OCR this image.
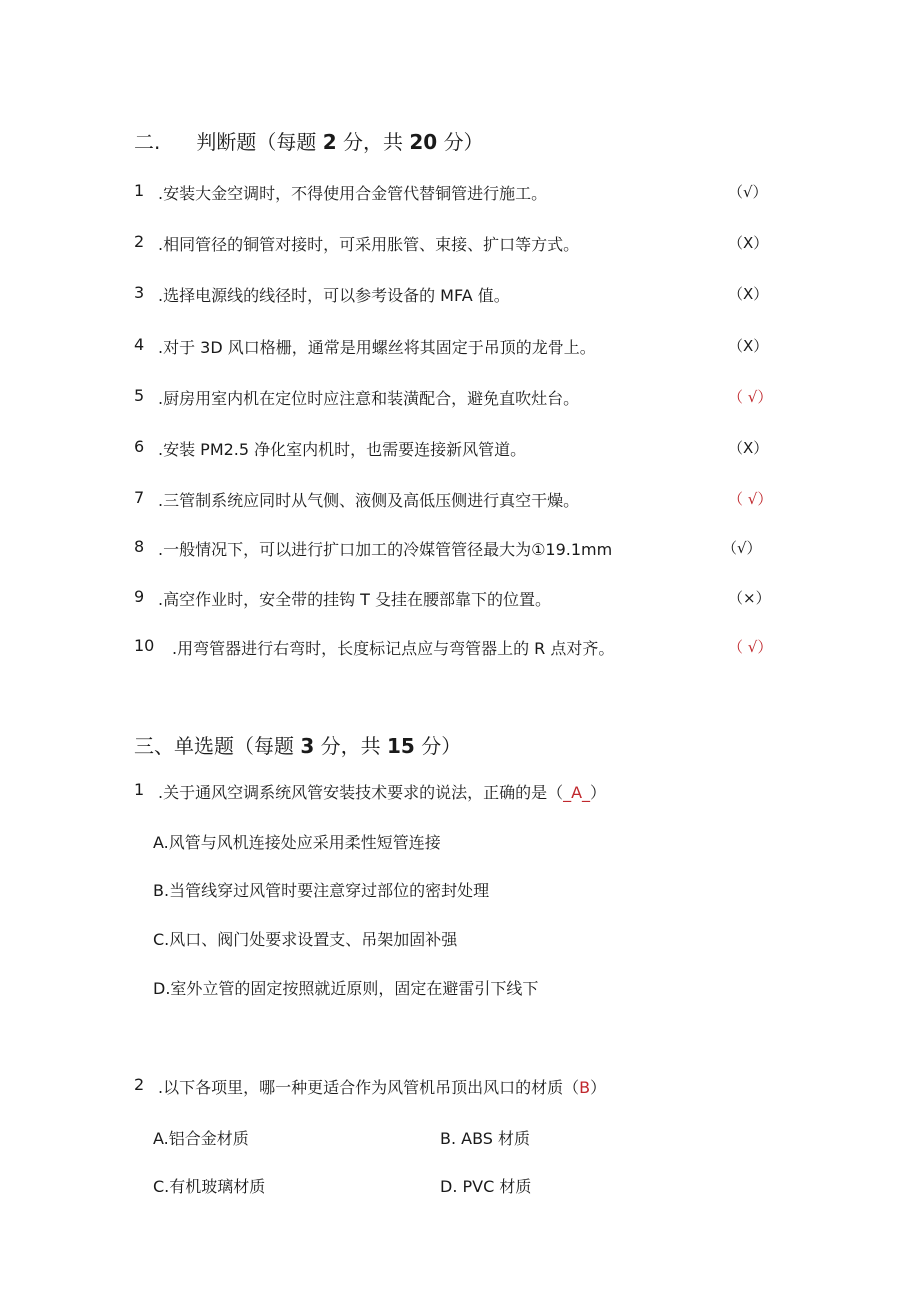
二. 判断题（每题 2 分，共 20 分）
1 .安装大金空调时，不得使用合金管代替铜管进行施工。	（√）
2 .相同管径的铜管对接时，可采用胀管、束接、扩口等方式。	（X）
3 .选择电源线的线径时，可以参考设备的 MFA 值。	（X）
4 .对于 3D 风口格栅，通常是用螺丝将其固定于吊顶的龙骨上。	（X）
5 .厨房用室内机在定位时应注意和装潢配合，避免直吹灶台。	（ √）
6 .安装 PM2.5 净化室内机时，也需要连接新风管道。	（X）
7 .三管制系统应同时从气侧、液侧及高低压侧进行真空干燥。	（ √）
8 .一般情况下，可以进行扩口加工的冷媒管管径最大为①19.1mm	（√）
9 .高空作业时，安全带的挂钩 T 殳挂在腰部靠下的位置。	（×）
10 .用弯管器进行右弯时，长度标记点应与弯管器上的 R 点对齐。	（ √）
三、单选题（每题 3 分，共 15 分）
1 .关于通风空调系统风管安装技术要求的说法，正确的是（_A_）
A.风管与风机连接处应采用柔性短管连接
B.当管线穿过风管时要注意穿过部位的密封处理
C.风口、阀门处要求设置支、吊架加固补强
D.室外立管的固定按照就近原则，固定在避雷引下线下
2 .以下各项里，哪一种更适合作为风管机吊顶出风口的材质（B）
A.铝合金材质	B. ABS 材质
C.有机玻璃材质	D. PVC 材质
